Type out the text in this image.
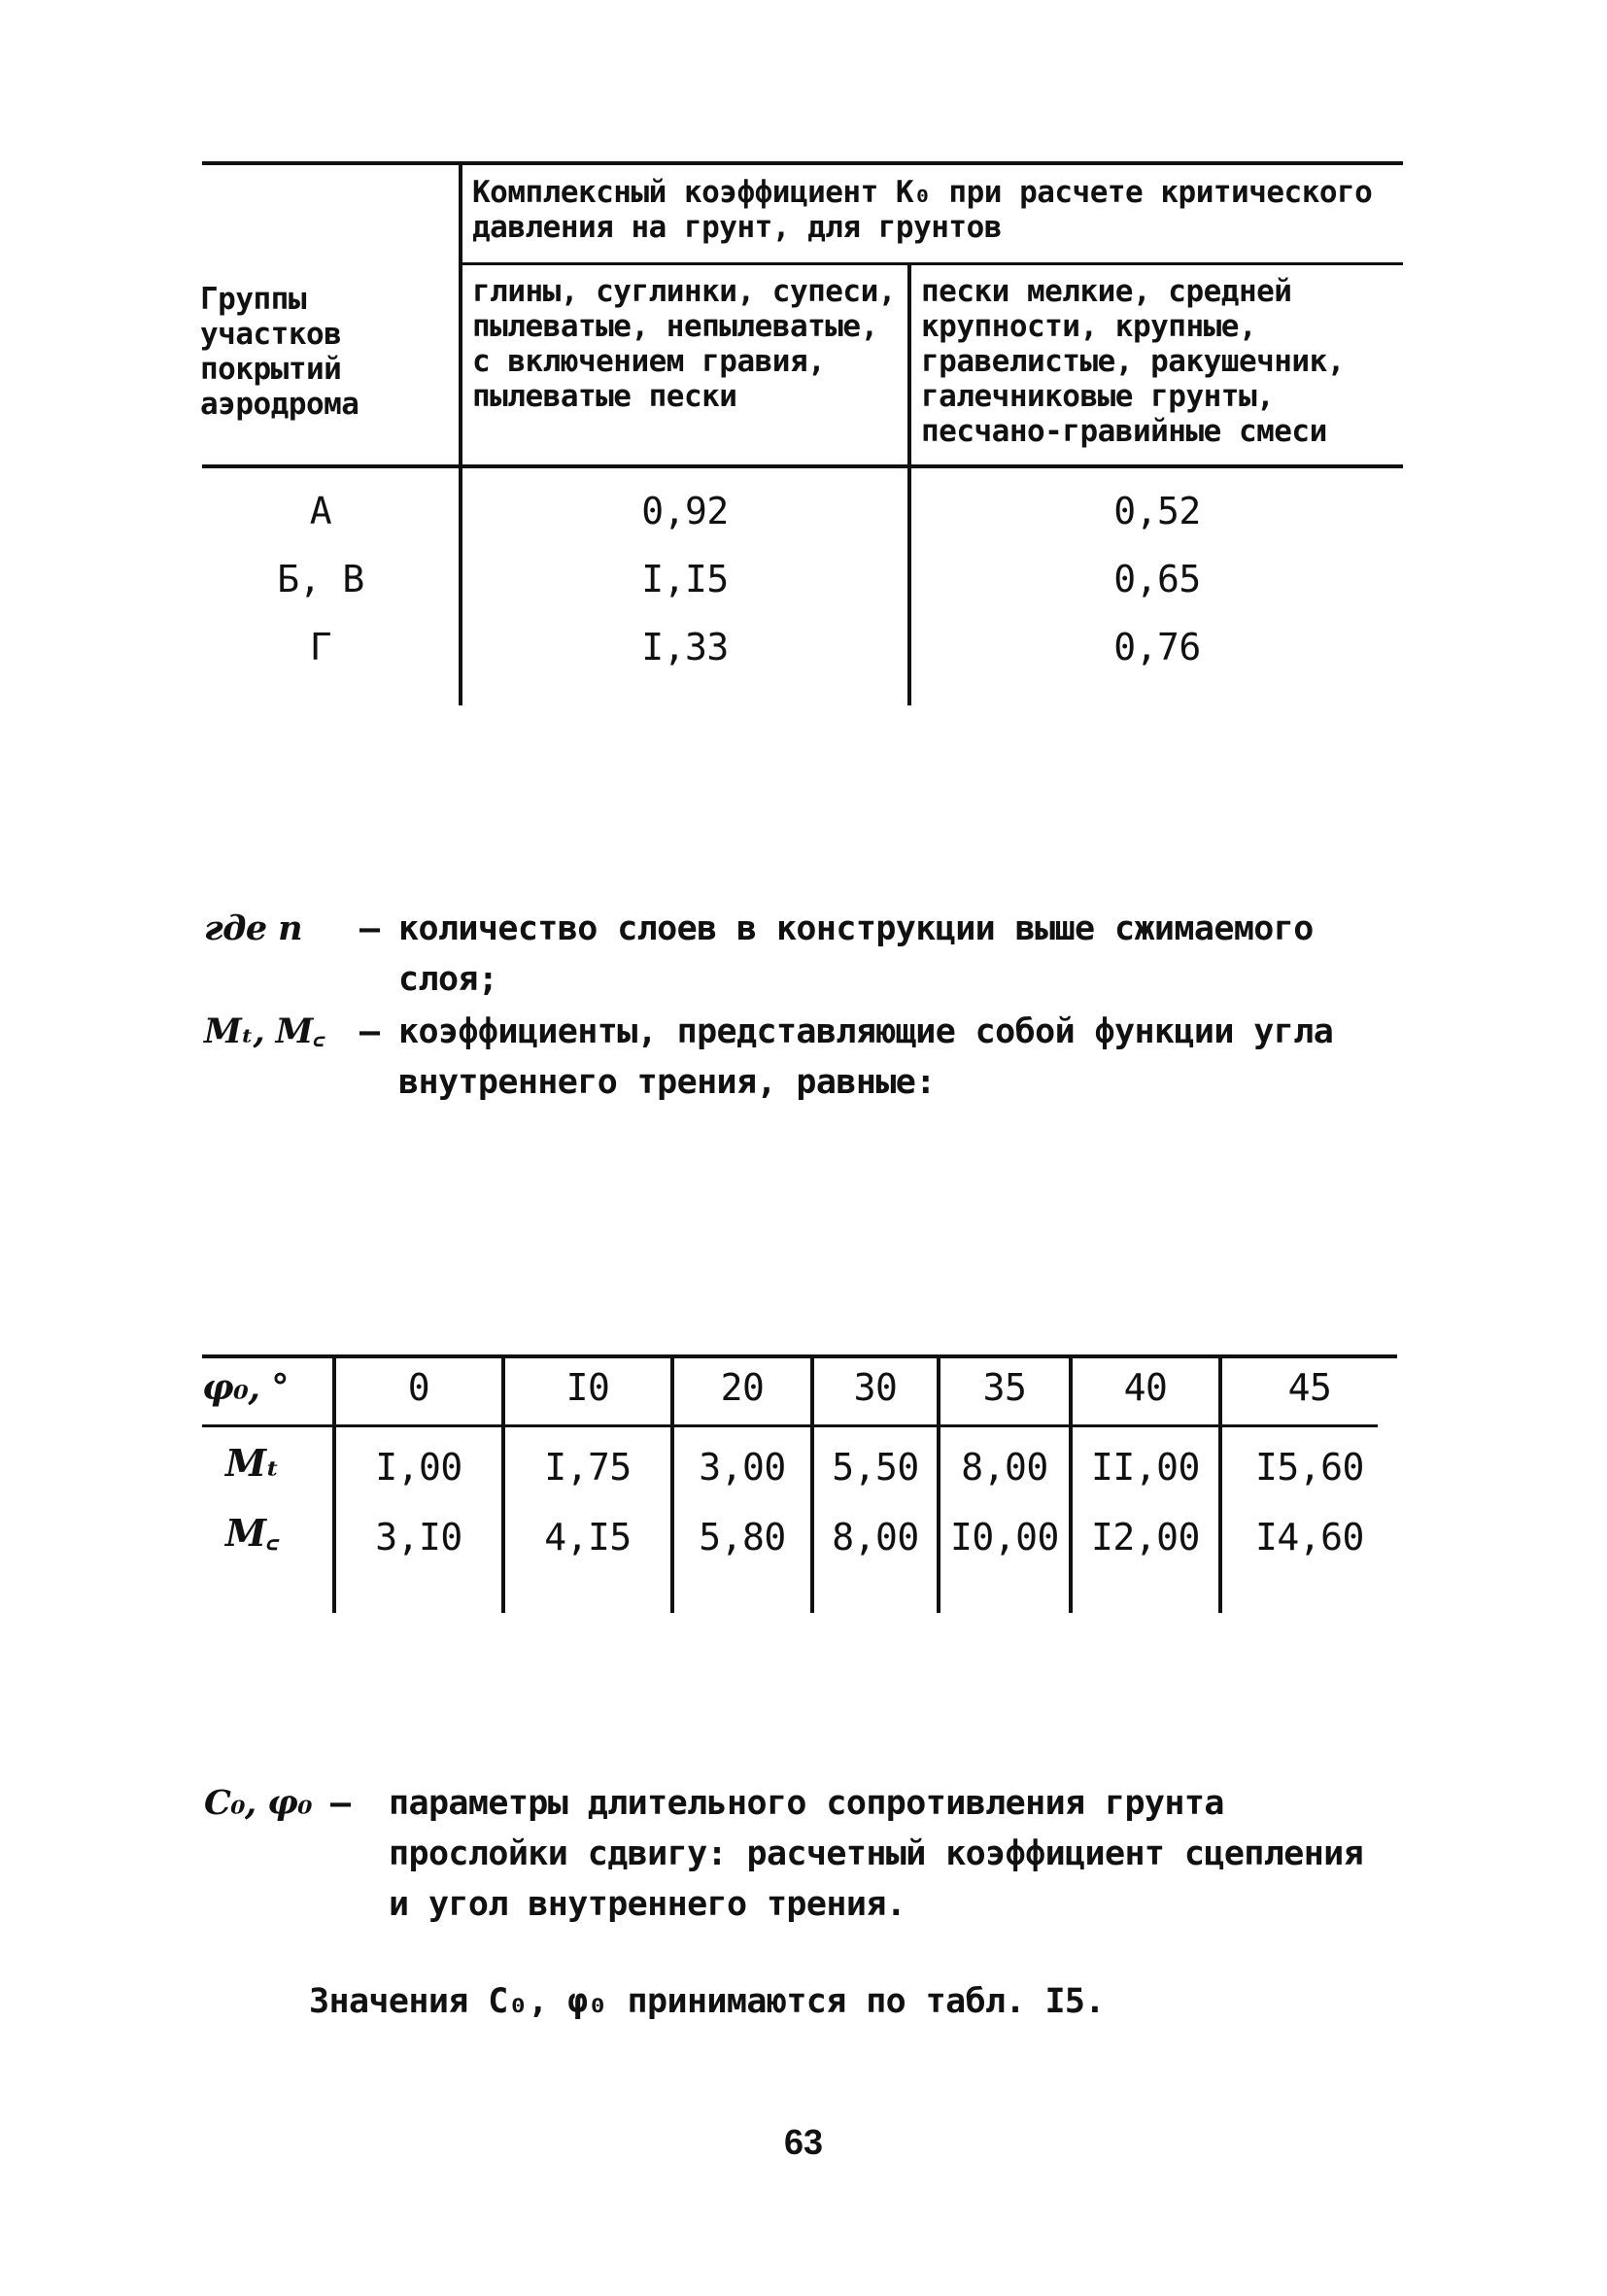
Комплексный коэффициент K₀ при расчете критического давления на грунт, для грунтов
Группы участков покрытий аэродрома
глины, суглинки, супеси, пылеватые, непылеватые, с включением гравия, пылеватые пески
пески мелкие, средней крупности, крупные, гравелистые, ракушечник, галечниковые грунты, песчано-гравийные смеси
А	0,92	0,52
Б, В	I,I5	0,65
Г	I,33	0,76
где n	– количество слоев в конструкции выше сжимаемого слоя;
Mₜ, M꜀	– коэффициенты, представляющие собой функции угла внутреннего трения, равные:
φ₀, °	0	I0	20	30	35	40	45
Mₜ	I,00	I,75	3,00	5,50	8,00	II,00	I5,60
M꜀	3,I0	4,I5	5,80	8,00 I0,00 I2,00	I4,60
C₀, φ₀ –	параметры длительного сопротивления грунта прослойки сдвигу: расчетный коэффициент сцепления и угол внутреннего трения.
Значения C₀, φ₀ принимаются по табл. I5.
63
